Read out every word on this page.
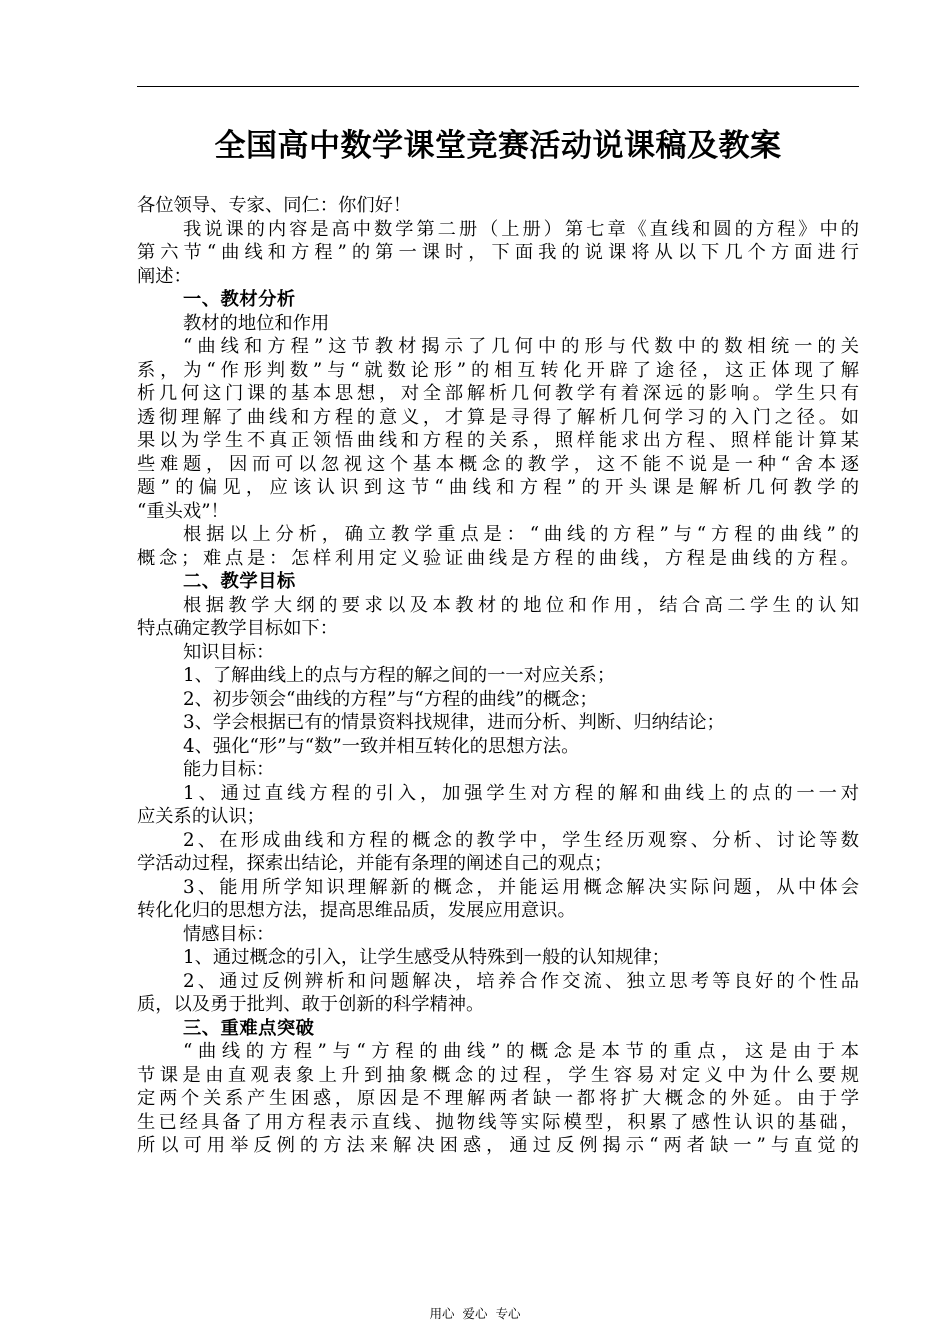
全国高中数学课堂竞赛活动说课稿及教案
各位领导、专家、同仁：你们好！
我说课的内容是高中数学第二册（上册）第七章《直线和圆的方程》中的
第六节“曲线和方程”的第一课时，下面我的说课将从以下几个方面进行
阐述：
一、教材分析
教材的地位和作用
“曲线和方程”这节教材揭示了几何中的形与代数中的数相统一的关
系，为“作形判数”与“就数论形”的相互转化开辟了途径，这正体现了解
析几何这门课的基本思想，对全部解析几何教学有着深远的影响。学生只有
透彻理解了曲线和方程的意义，才算是寻得了解析几何学习的入门之径。如
果以为学生不真正领悟曲线和方程的关系，照样能求出方程、照样能计算某
些难题，因而可以忽视这个基本概念的教学，这不能不说是一种“舍本逐
题”的偏见，应该认识到这节“曲线和方程”的开头课是解析几何教学的
“重头戏”！
根据以上分析，确立教学重点是：“曲线的方程”与“方程的曲线”的
概念；难点是：怎样利用定义验证曲线是方程的曲线，方程是曲线的方程。
二、教学目标
根据教学大纲的要求以及本教材的地位和作用，结合高二学生的认知
特点确定教学目标如下：
知识目标：
1、了解曲线上的点与方程的解之间的一一对应关系；
2、初步领会“曲线的方程”与“方程的曲线”的概念；
3、学会根据已有的情景资料找规律，进而分析、判断、归纳结论；
4、强化“形”与“数”一致并相互转化的思想方法。
能力目标：
1、通过直线方程的引入，加强学生对方程的解和曲线上的点的一一对
应关系的认识；
2、在形成曲线和方程的概念的教学中，学生经历观察、分析、讨论等数
学活动过程，探索出结论，并能有条理的阐述自己的观点；
3、能用所学知识理解新的概念，并能运用概念解决实际问题，从中体会
转化化归的思想方法，提高思维品质，发展应用意识。
情感目标：
1、通过概念的引入，让学生感受从特殊到一般的认知规律；
2、通过反例辨析和问题解决，培养合作交流、独立思考等良好的个性品
质，以及勇于批判、敢于创新的科学精神。
三、重难点突破
“曲线的方程”与“方程的曲线”的概念是本节的重点，这是由于本
节课是由直观表象上升到抽象概念的过程，学生容易对定义中为什么要规
定两个关系产生困惑，原因是不理解两者缺一都将扩大概念的外延。由于学
生已经具备了用方程表示直线、抛物线等实际模型，积累了感性认识的基础，
所以可用举反例的方法来解决困惑，通过反例揭示“两者缺一”与直觉的
用心  爱心  专心
